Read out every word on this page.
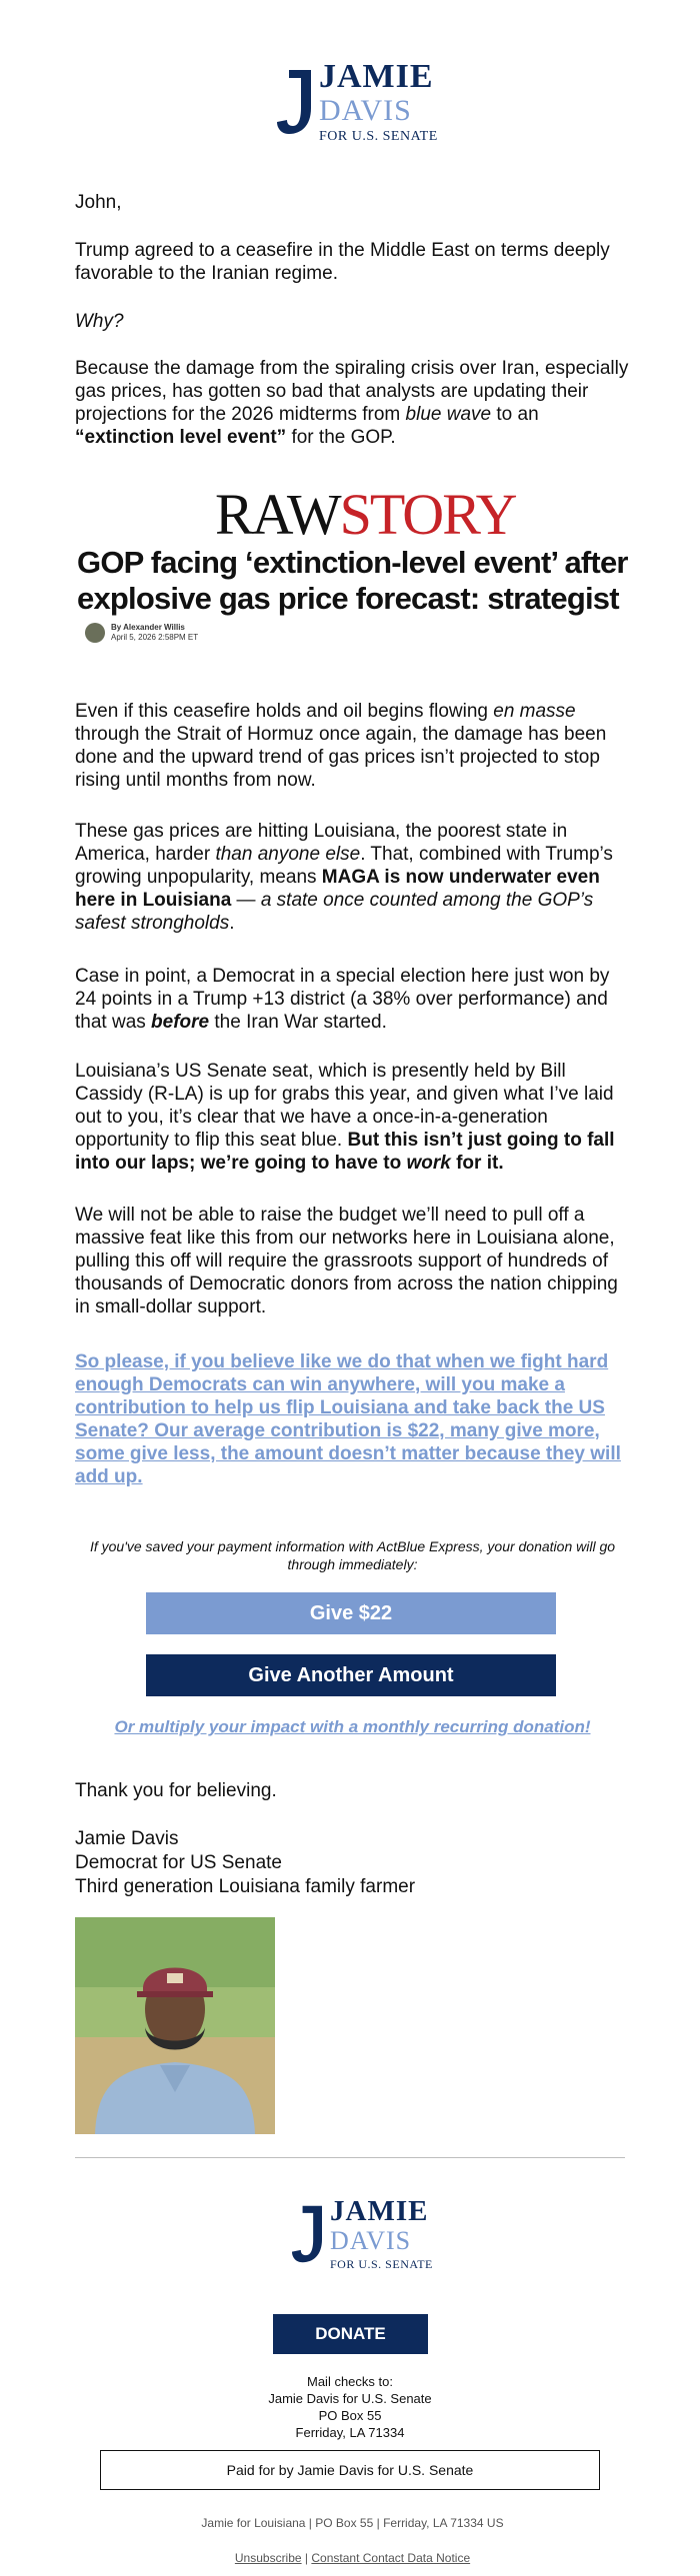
JAMIE
DAVIS
FOR U.S. SENATE

John,

Trump agreed to a ceasefire in the Middle East on terms deeply favorable to the Iranian regime.

Why?

Because the damage from the spiraling crisis over Iran, especially gas prices, has gotten so bad that analysts are updating their projections for the 2026 midterms from blue wave to an “extinction level event” for the GOP.

RAWSTORY
GOP facing ‘extinction-level event’ after explosive gas price forecast: strategist
By Alexander Willis
April 5, 2026 2:58PM ET

Even if this ceasefire holds and oil begins flowing en masse through the Strait of Hormuz once again, the damage has been done and the upward trend of gas prices isn’t projected to stop rising until months from now.

These gas prices are hitting Louisiana, the poorest state in America, harder than anyone else. That, combined with Trump’s growing unpopularity, means MAGA is now underwater even here in Louisiana — a state once counted among the GOP’s safest strongholds.

Case in point, a Democrat in a special election here just won by 24 points in a Trump +13 district (a 38% over performance) and that was before the Iran War started.

Louisiana’s US Senate seat, which is presently held by Bill Cassidy (R-LA) is up for grabs this year, and given what I’ve laid out to you, it’s clear that we have a once-in-a-generation opportunity to flip this seat blue. But this isn’t just going to fall into our laps; we’re going to have to work for it.

We will not be able to raise the budget we’ll need to pull off a massive feat like this from our networks here in Louisiana alone, pulling this off will require the grassroots support of hundreds of thousands of Democratic donors from across the nation chipping in small-dollar support.

So please, if you believe like we do that when we fight hard enough Democrats can win anywhere, will you make a contribution to help us flip Louisiana and take back the US Senate? Our average contribution is $22, many give more, some give less, the amount doesn’t matter because they will add up.
If you've saved your payment information with ActBlue Express, your donation will go through immediately:
Give $22
Give Another Amount
Or multiply your impact with a monthly recurring donation!
Thank you for believing.
Jamie Davis
Democrat for US Senate
Third generation Louisiana family farmer
JAMIE
DAVIS
FOR U.S. SENATE
DONATE
Mail checks to:
Jamie Davis for U.S. Senate
PO Box 55
Ferriday, LA 71334
Paid for by Jamie Davis for U.S. Senate
Jamie for Louisiana | PO Box 55 | Ferriday, LA 71334 US
Unsubscribe | Constant Contact Data Notice
